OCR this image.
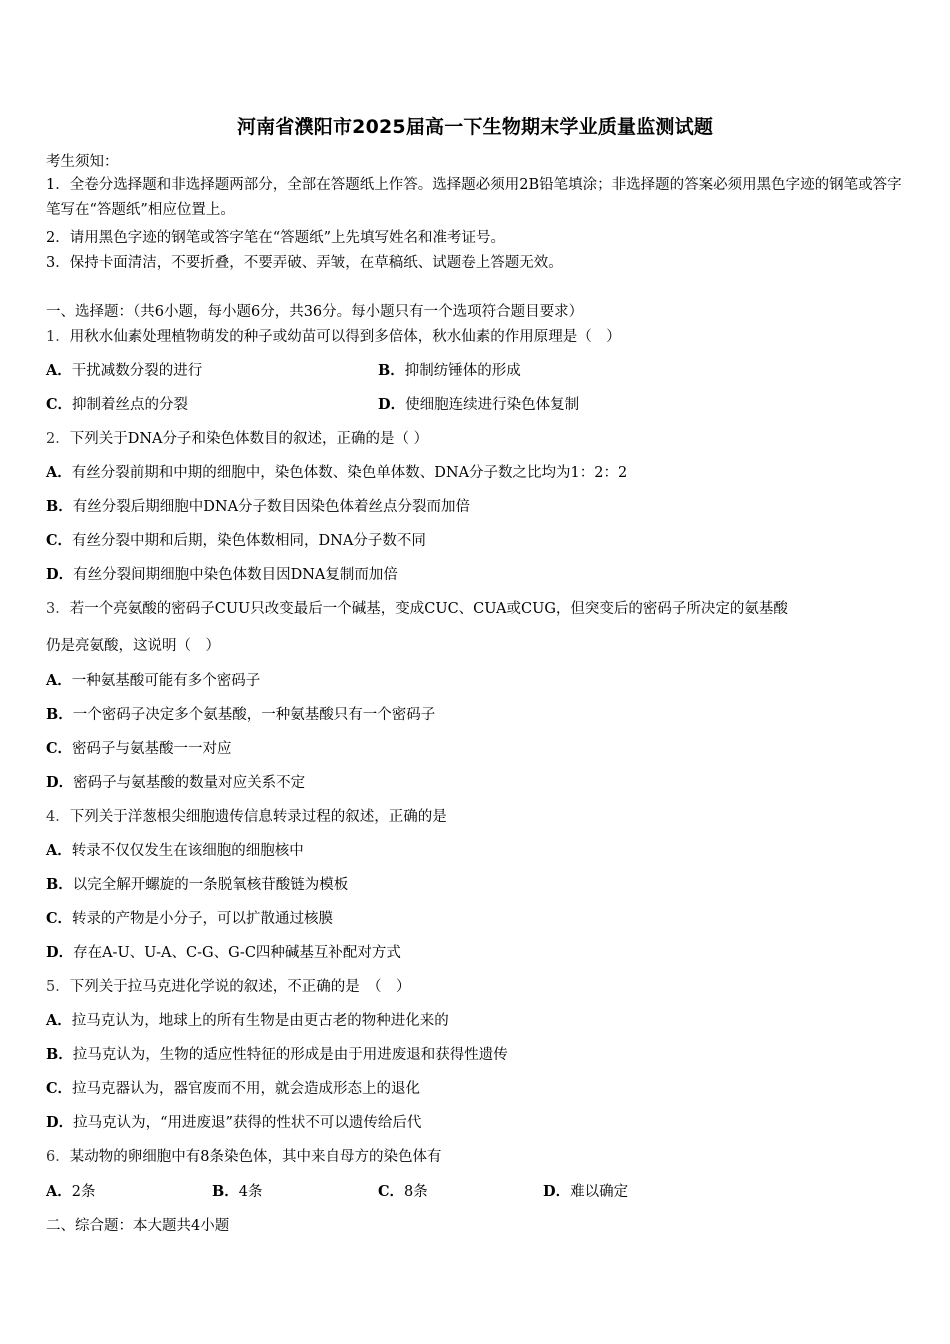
河南省濮阳市2025届高一下生物期末学业质量监测试题
考生须知：
1．全卷分选择题和非选择题两部分，全部在答题纸上作答。选择题必须用2B铅笔填涂；非选择题的答案必须用黑色字迹的钢笔或答字笔写在“答题纸”相应位置上。
2．请用黑色字迹的钢笔或答字笔在“答题纸”上先填写姓名和准考证号。
3．保持卡面清洁，不要折叠，不要弄破、弄皱，在草稿纸、试题卷上答题无效。
一、选择题：（共6小题，每小题6分，共36分。每小题只有一个选项符合题目要求）
1．用秋水仙素处理植物萌发的种子或幼苗可以得到多倍体，秋水仙素的作用原理是（　）
A．干扰减数分裂的进行	B．抑制纺锤体的形成
C．抑制着丝点的分裂	D．使细胞连续进行染色体复制
2．下列关于DNA分子和染色体数目的叙述，正确的是（ ）
A．有丝分裂前期和中期的细胞中，染色体数、染色单体数、DNA分子数之比均为1：2：2
B．有丝分裂后期细胞中DNA分子数目因染色体着丝点分裂而加倍
C．有丝分裂中期和后期，染色体数相同，DNA分子数不同
D．有丝分裂间期细胞中染色体数目因DNA复制而加倍
3．若一个亮氨酸的密码子CUU只改变最后一个碱基，变成CUC、CUA或CUG，但突变后的密码子所决定的氨基酸
仍是亮氨酸，这说明（　）
A．一种氨基酸可能有多个密码子
B．一个密码子决定多个氨基酸，一种氨基酸只有一个密码子
C．密码子与氨基酸一一对应
D．密码子与氨基酸的数量对应关系不定
4．下列关于洋葱根尖细胞遗传信息转录过程的叙述，正确的是
A．转录不仅仅发生在该细胞的细胞核中
B．以完全解开螺旋的一条脱氧核苷酸链为模板
C．转录的产物是小分子，可以扩散通过核膜
D．存在A-U、U-A、C-G、G-C四种碱基互补配对方式
5．下列关于拉马克进化学说的叙述，不正确的是　（　）
A．拉马克认为，地球上的所有生物是由更古老的物种进化来的
B．拉马克认为，生物的适应性特征的形成是由于用进废退和获得性遗传
C．拉马克器认为，器官废而不用，就会造成形态上的退化
D．拉马克认为，“用进废退”获得的性状不可以遗传给后代
6．某动物的卵细胞中有8条染色体，其中来自母方的染色体有
A．2条	B．4条	C．8条	D．难以确定
二、综合题：本大题共4小题
